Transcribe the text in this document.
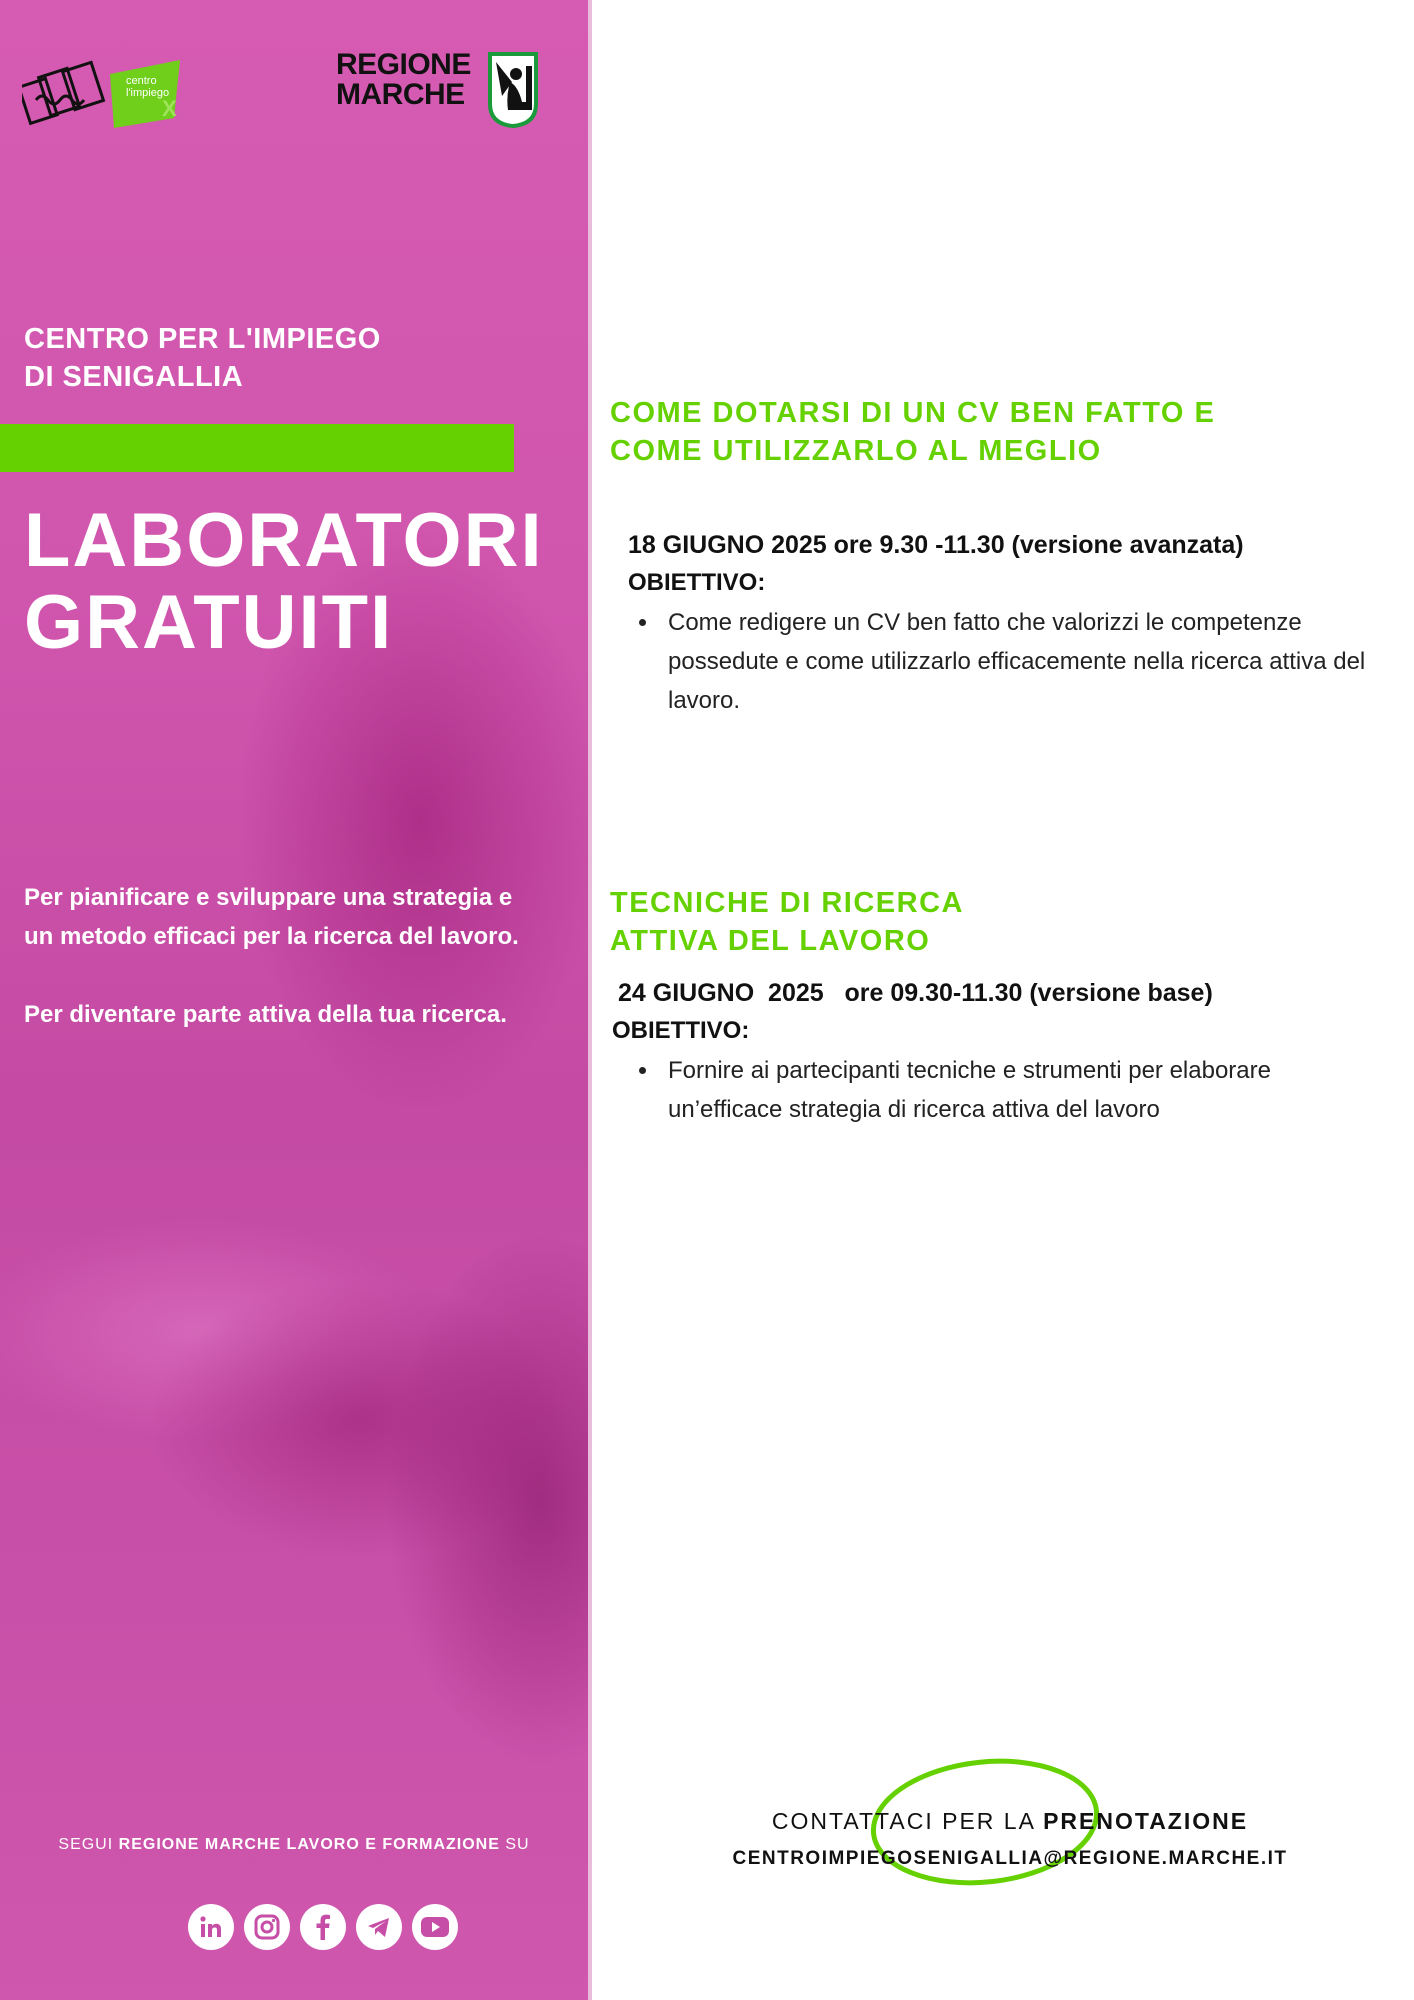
centro
l'impiego
X
REGIONE
MARCHE
CENTRO PER L'IMPIEGO
DI SENIGALLIA
LABORATORI
GRATUITI

Per pianificare e sviluppare una strategia e un metodo efficaci per la ricerca del lavoro.

Per diventare parte attiva della tua ricerca.

SEGUI REGIONE MARCHE LAVORO E FORMAZIONE SU
COME DOTARSI DI UN CV BEN FATTO E
COME UTILIZZARLO AL MEGLIO
18 GIUGNO 2025 ore 9.30 -11.30 (versione avanzata)
OBIETTIVO:
• Come redigere un CV ben fatto che valorizzi le competenze possedute e come utilizzarlo efficacemente nella ricerca attiva del lavoro.
TECNICHE DI RICERCA
ATTIVA DEL LAVORO
24 GIUGNO  2025   ore 09.30-11.30 (versione base)
OBIETTIVO:
• Fornire ai partecipanti tecniche e strumenti per elaborare un’efficace strategia di ricerca attiva del lavoro
CONTATTACI PER LA PRENOTAZIONE
CENTROIMPIEGOSENIGALLIA@REGIONE.MARCHE.IT
